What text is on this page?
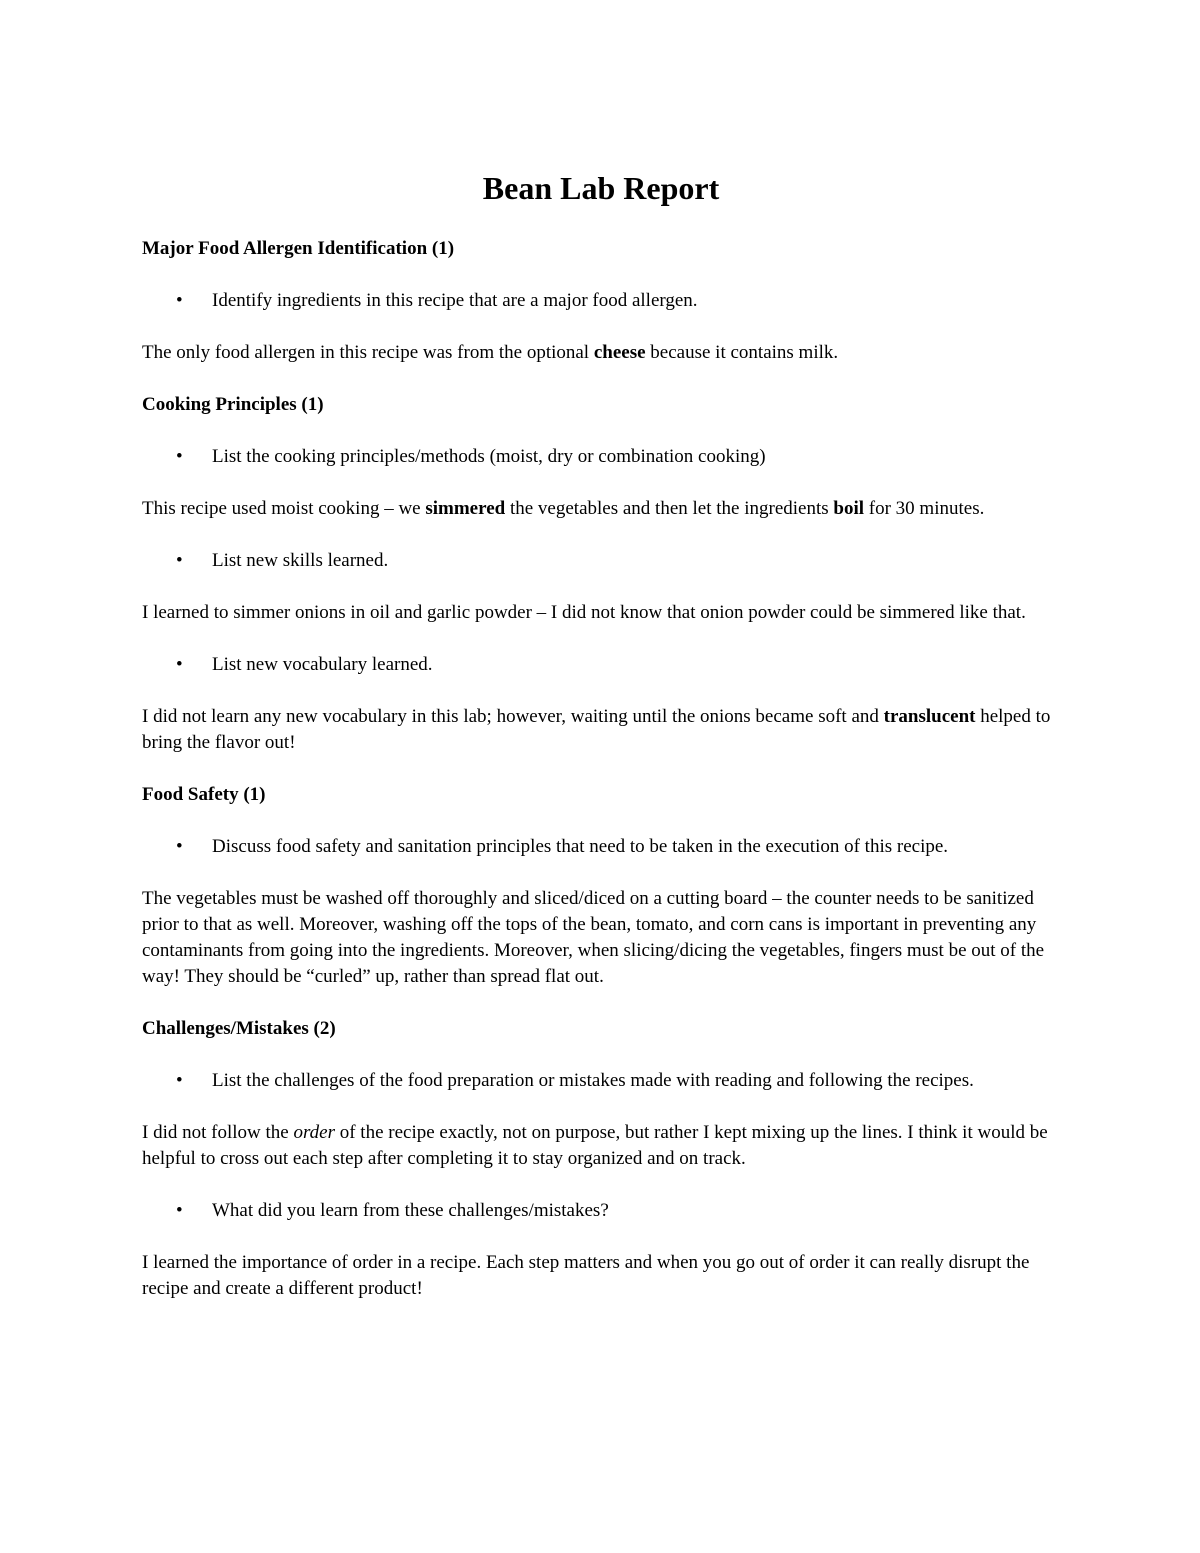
Bean Lab Report
Major Food Allergen Identification (1)
• Identify ingredients in this recipe that are a major food allergen.

The only food allergen in this recipe was from the optional cheese because it contains milk.

Cooking Principles (1)
• List the cooking principles/methods (moist, dry or combination cooking)

This recipe used moist cooking – we simmered the vegetables and then let the ingredients boil for 30 minutes.

• List new skills learned.

I learned to simmer onions in oil and garlic powder – I did not know that onion powder could be simmered like that.

• List new vocabulary learned.

I did not learn any new vocabulary in this lab; however, waiting until the onions became soft and translucent helped to bring the flavor out!

Food Safety (1)
• Discuss food safety and sanitation principles that need to be taken in the execution of this recipe.

The vegetables must be washed off thoroughly and sliced/diced on a cutting board – the counter needs to be sanitized prior to that as well. Moreover, washing off the tops of the bean, tomato, and corn cans is important in preventing any contaminants from going into the ingredients. Moreover, when slicing/dicing the vegetables, fingers must be out of the way! They should be “curled” up, rather than spread flat out.

Challenges/Mistakes (2)
• List the challenges of the food preparation or mistakes made with reading and following the recipes.

I did not follow the order of the recipe exactly, not on purpose, but rather I kept mixing up the lines. I think it would be helpful to cross out each step after completing it to stay organized and on track.

• What did you learn from these challenges/mistakes?

I learned the importance of order in a recipe. Each step matters and when you go out of order it can really disrupt the recipe and create a different product!
